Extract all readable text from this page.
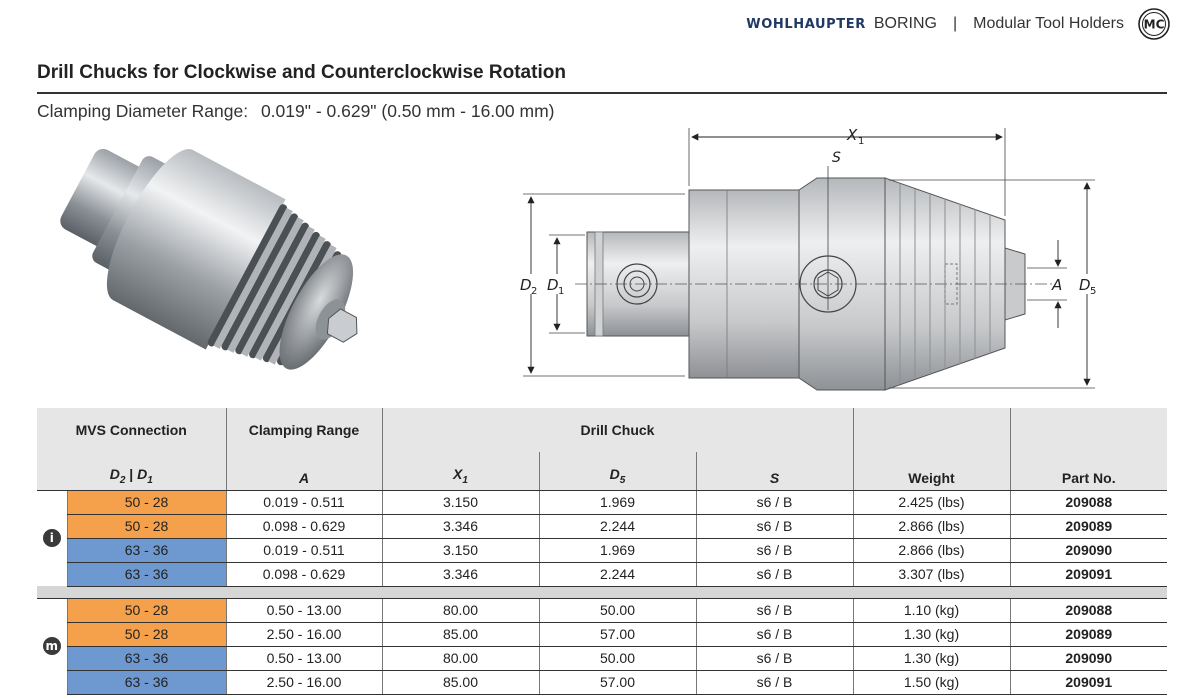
WOHLHAUPTER BORING | Modular Tool Holders MC
Drill Chucks for Clockwise and Counterclockwise Rotation
Clamping Diameter Range: 0.019" - 0.629" (0.50 mm - 16.00 mm)
X 1
S
D 2 D 1	A D 5
MVS Connection		Clamping Range	Drill Chuck				
$D_2$ | $D_1$		A	$X_1$	$D_5$	S	Weight	Part No.
i	50 - 28	0.019 - 0.511	3.150	1.969	s6 / B	2.425 (lbs)	209088
	50 - 28	0.098 - 0.629	3.346	2.244	s6 / B	2.866 (lbs)	209089
	63 - 36	0.019 - 0.511	3.150	1.969	s6 / B	2.866 (lbs)	209090
	63 - 36	0.098 - 0.629	3.346	2.244	s6 / B	3.307 (lbs)	209091

m	50 - 28	0.50 - 13.00	80.00	50.00	s6 / B	1.10 (kg)	209088
	50 - 28	2.50 - 16.00	85.00	57.00	s6 / B	1.30 (kg)	209089
	63 - 36	0.50 - 13.00	80.00	50.00	s6 / B	1.30 (kg)	209090
	63 - 36	2.50 - 16.00	85.00	57.00	s6 / B	1.50 (kg)	209091
